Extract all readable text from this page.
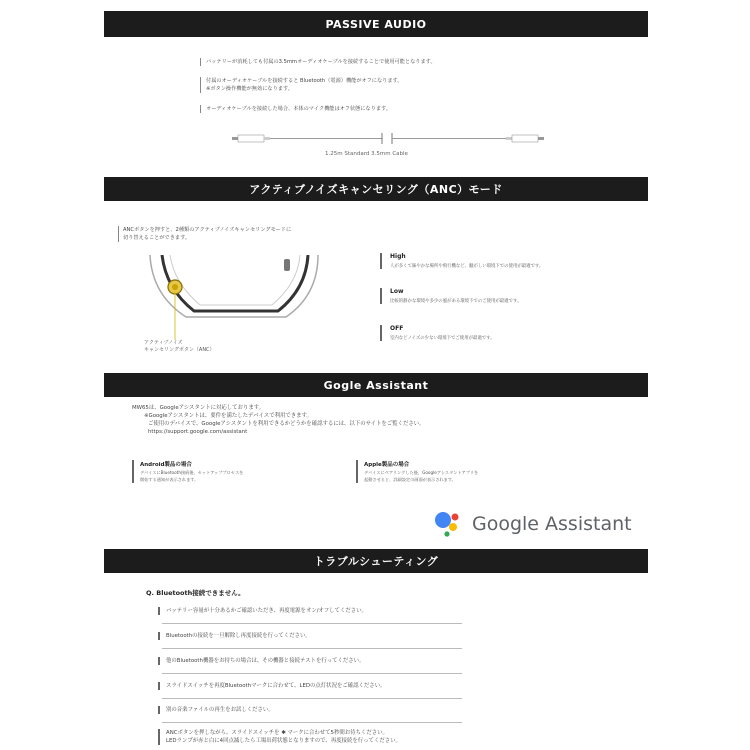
PASSIVE AUDIO
バッテリーが消耗しても付属の3.5mmオーディオケーブルを接続することで使用可能となります。
付属のオーディオケーブルを接続すると Bluetooth（電源）機能がオフになります。
※ボタン操作機能が無効になります。
オーディオケーブルを接続した場合、本体のマイク機能はオフ状態になります。
1.25m Standard 3.5mm Cable
アクティブノイズキャンセリング（ANC）モード
ANCボタンを押すと、2種類のアクティブノイズキャンセリングモードに
切り替えることができます。
アクティブノイズ
キャンセリングボタン（ANC）
High
人が多くて賑やかな場所や飛行機など、騒がしい環境下での使用が最適です。
Low
比較的静かな環境や多少の風がある環境下でのご使用が最適です。
OFF
室内などノイズの少ない環境下でご使用が最適です。
Gogle Assistant
MW65は、Googleアシスタントに対応しております。
※Googleアシスタントは、要件を満たしたデバイスで利用できます。
ご使用のデバイスで、Googleアシスタントを利用できるかどうかを確認するには、以下のサイトをご覧ください。
https://support.google.com/assistant
Android製品の場合
デバイスにBluetooth接続後、セットアッププロセスを
開始する通知が表示されます。
Apple製品の場合
デバイスにペアリングした後、Googleアシスタントアプリを
起動させると、詳細設定の画面が表示されます。
Google Assistant
トラブルシューティング
Q. Bluetooth接続できません。
バッテリー容量が十分あるかご確認いただき、再度電源をオン/オフしてください。
Bluetoothの接続を一旦解除し再度接続を行ってください。
他のBluetooth機器をお持ちの場合は、その機器と接続テストを行ってください。
スライドスイッチを再度Bluetoothマークに合わせて、LEDの点灯状況をご確認ください。
別の音楽ファイルの再生をお試しください。
ANCボタンを押しながら、スライドスイッチを ✱ マークに合わせて5秒間お待ちください。
LEDランプが赤と白に4回点滅したら工場出荷状態となりますので、再度接続を行ってください。
